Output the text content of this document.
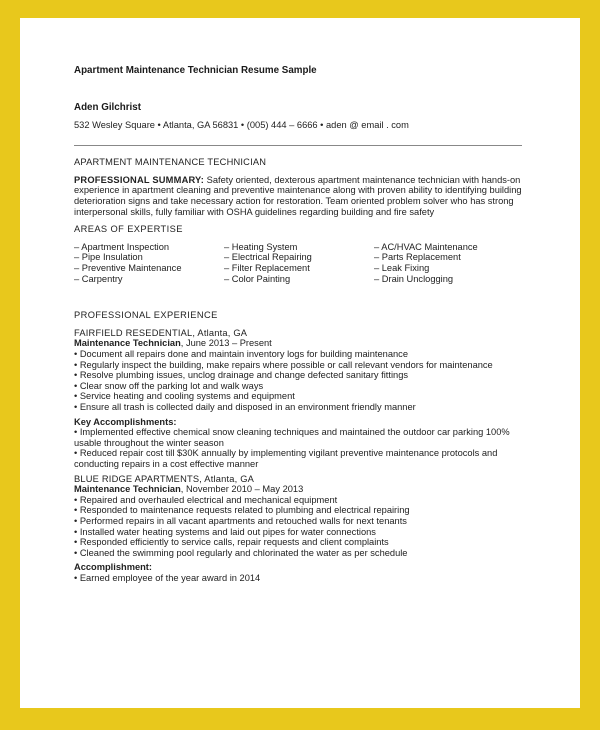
Apartment Maintenance Technician Resume Sample
Aden Gilchrist
532 Wesley Square • Atlanta, GA 56831 • (005) 444 – 6666 • aden @ email . com
APARTMENT MAINTENANCE TECHNICIAN
PROFESSIONAL SUMMARY: Safety oriented, dexterous apartment maintenance technician with hands-on experience in apartment cleaning and preventive maintenance along with proven ability to identifying building deterioration signs and take necessary action for restoration. Team oriented problem solver who has strong interpersonal skills, fully familiar with OSHA guidelines regarding building and fire safety
AREAS OF EXPERTISE
– Apartment Inspection
– Pipe Insulation
– Preventive Maintenance
– Carpentry
– Heating System
– Electrical Repairing
– Filter Replacement
– Color Painting
– AC/HVAC Maintenance
– Parts Replacement
– Leak Fixing
– Drain Unclogging
PROFESSIONAL EXPERIENCE
FAIRFIELD RESEDENTIAL, Atlanta, GA
Maintenance Technician, June 2013 – Present
• Document all repairs done and maintain inventory logs for building maintenance
• Regularly inspect the building, make repairs where possible or call relevant vendors for maintenance
• Resolve plumbing issues, unclog drainage and change defected sanitary fittings
• Clear snow off the parking lot and walk ways
• Service heating and cooling systems and equipment
• Ensure all trash is collected daily and disposed in an environment friendly manner
Key Accomplishments:
• Implemented effective chemical snow cleaning techniques and maintained the outdoor car parking 100% usable throughout the winter season
• Reduced repair cost till $30K annually by implementing vigilant preventive maintenance protocols and conducting repairs in a cost effective manner
BLUE RIDGE APARTMENTS, Atlanta, GA
Maintenance Technician, November 2010 – May 2013
• Repaired and overhauled electrical and mechanical equipment
• Responded to maintenance requests related to plumbing and electrical repairing
• Performed repairs in all vacant apartments and retouched walls for next tenants
• Installed water heating systems and laid out pipes for water connections
• Responded efficiently to service calls, repair requests and client complaints
• Cleaned the swimming pool regularly and chlorinated the water as per schedule
Accomplishment:
• Earned employee of the year award in 2014
